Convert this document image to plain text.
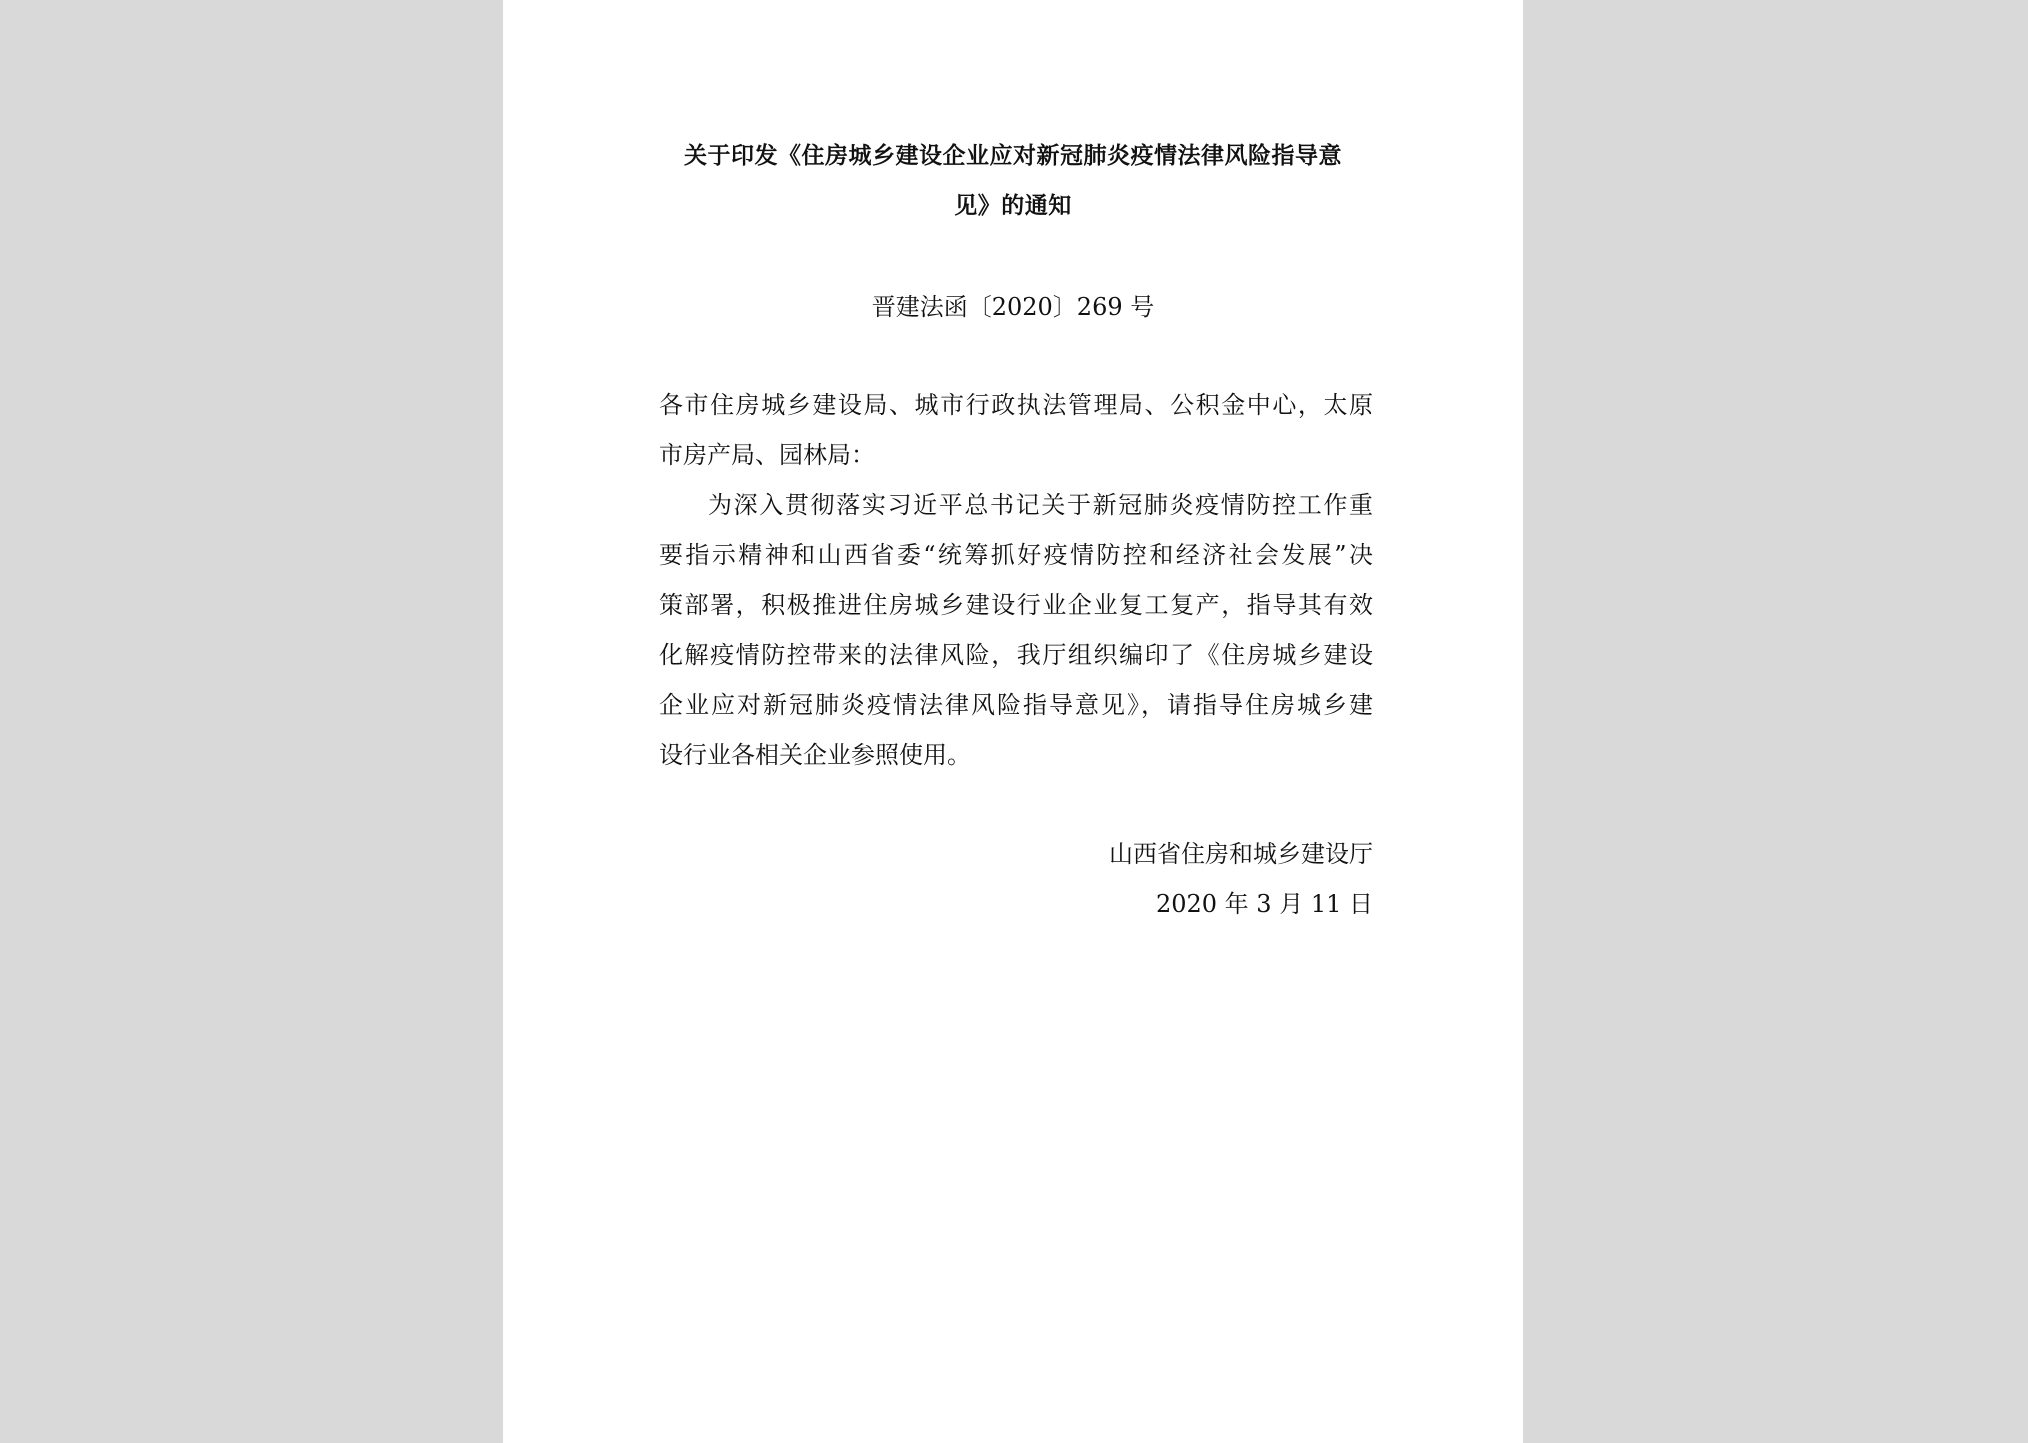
关于印发《住房城乡建设企业应对新冠肺炎疫情法律风险指导意
见》的通知
晋建法函〔2020〕269 号
各市住房城乡建设局、城市行政执法管理局、公积金中心，太原
市房产局、园林局：
为深入贯彻落实习近平总书记关于新冠肺炎疫情防控工作重
要指示精神和山西省委“统筹抓好疫情防控和经济社会发展”决
策部署，积极推进住房城乡建设行业企业复工复产，指导其有效
化解疫情防控带来的法律风险，我厅组织编印了《住房城乡建设
企业应对新冠肺炎疫情法律风险指导意见》，请指导住房城乡建
设行业各相关企业参照使用。
山西省住房和城乡建设厅
2020 年 3 月 11 日
